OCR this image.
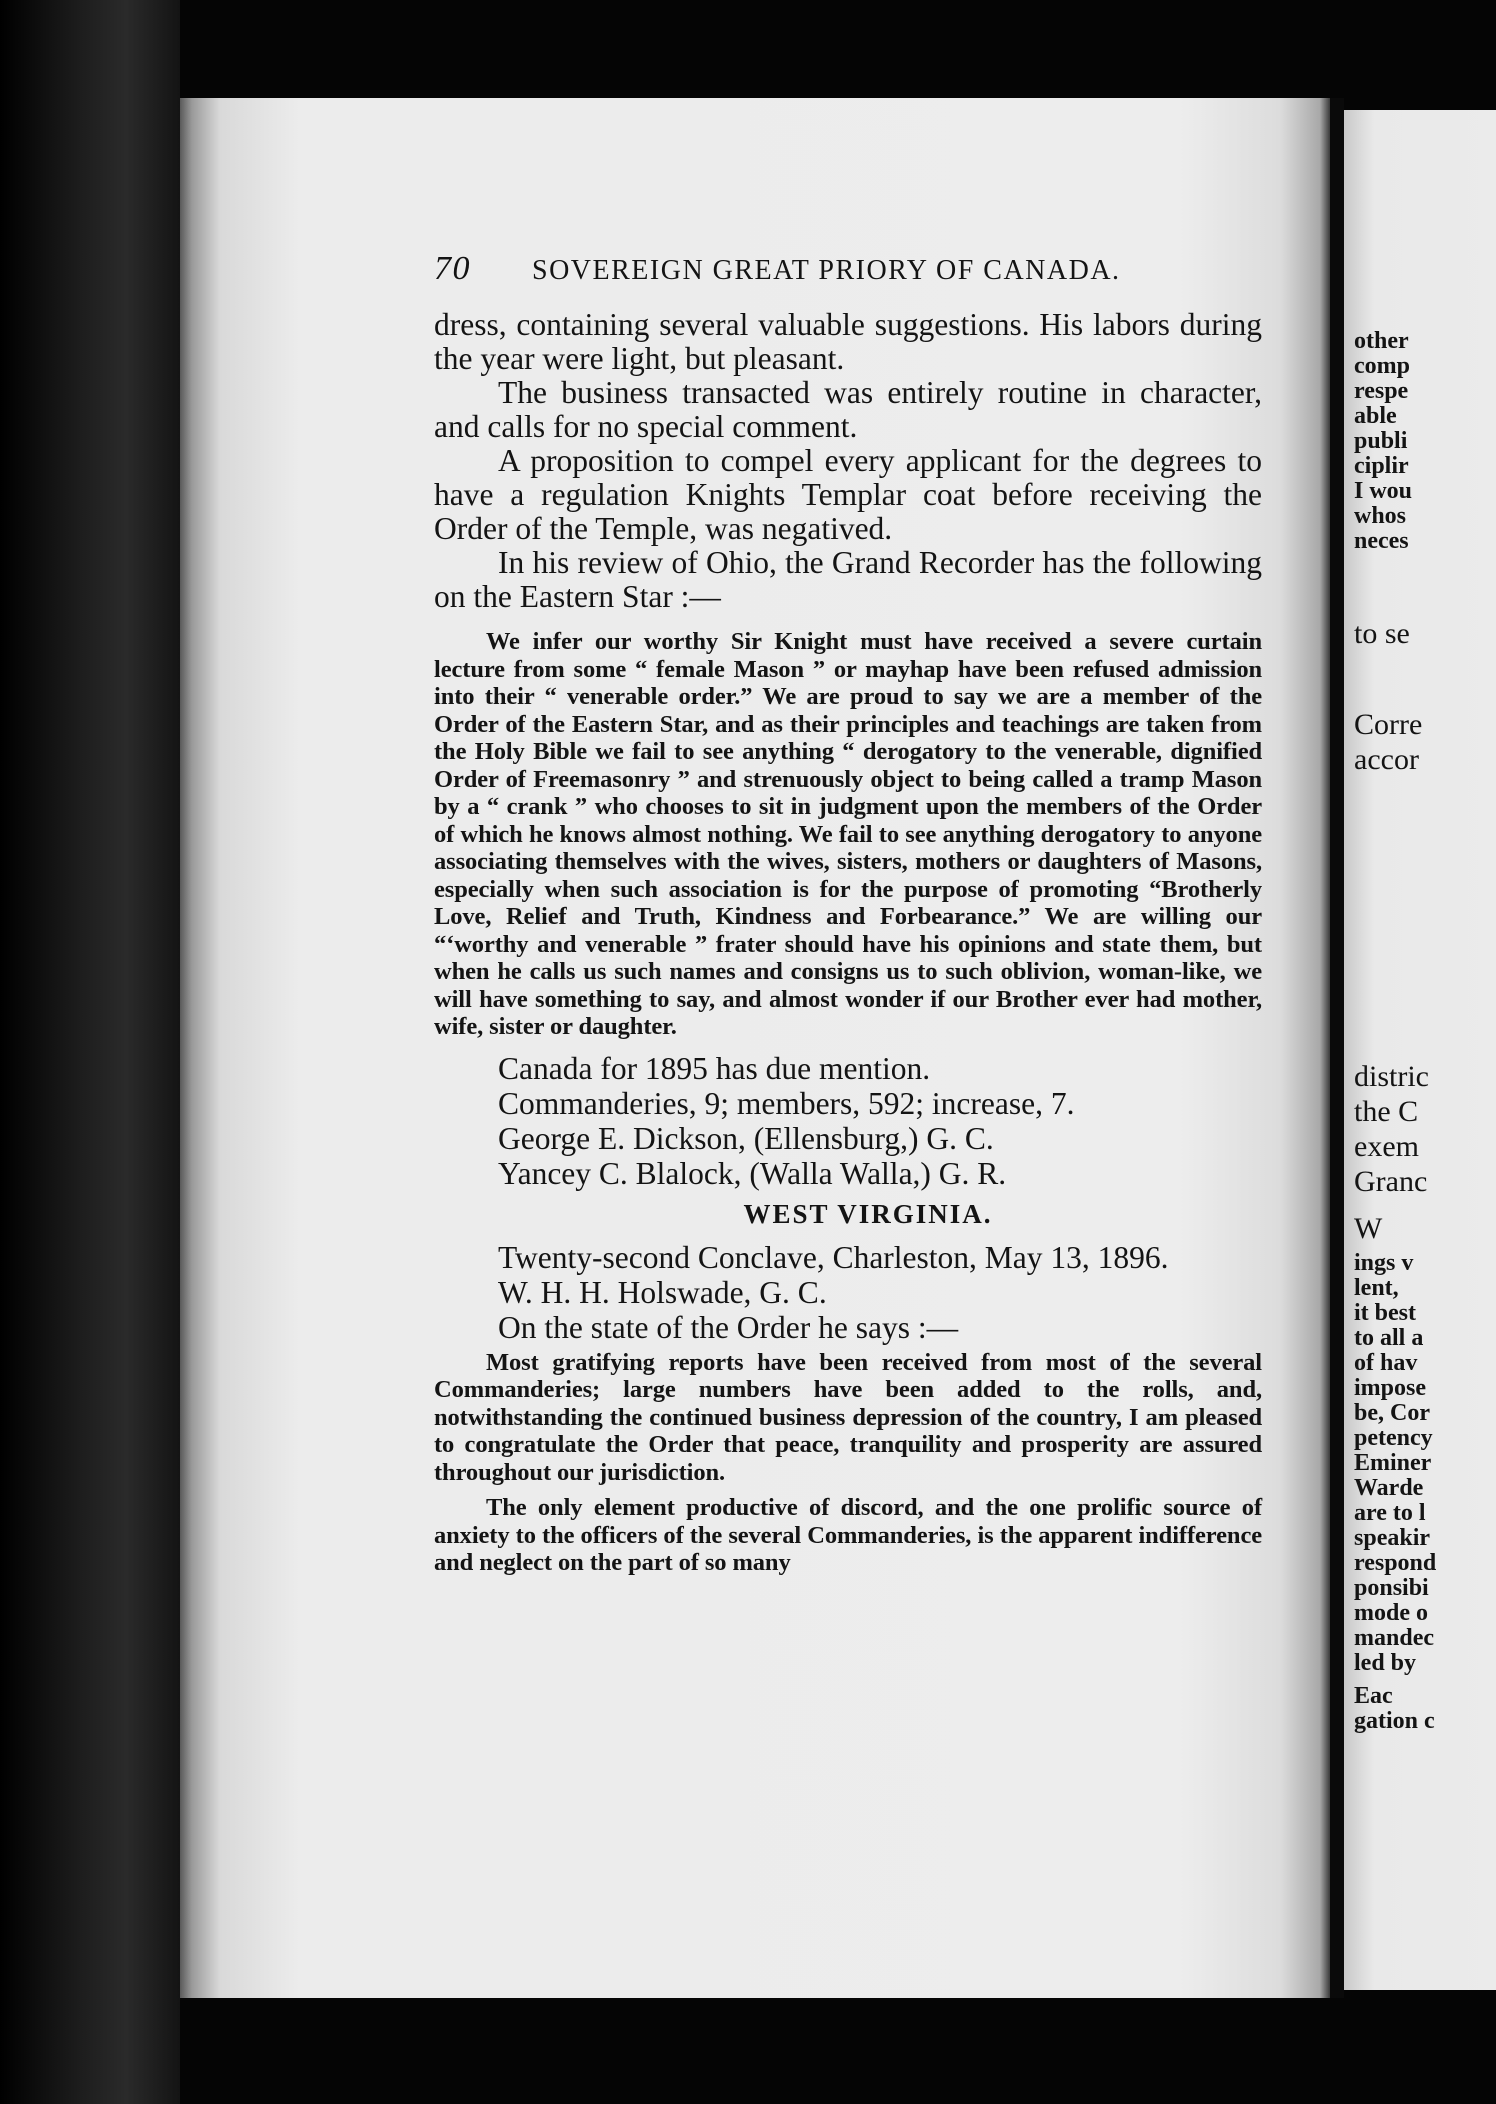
other
comp
respe
able
publi
ciplir
I wou
whos
neces
to se
Corre
accor
distric
the C
exem
Granc
W
ings v
lent,
it best
to all a
of hav
impose
be, Cor
petency
Eminer
Warde
are to l
speakir
respond
ponsibi
mode o
mandec
led by
Eac
gation c
70	SOVEREIGN GREAT PRIORY OF CANADA.

dress, containing several valuable suggestions. His labors during the year were light, but pleasant.

The business transacted was entirely routine in character, and calls for no special comment.

A proposition to compel every applicant for the degrees to have a regulation Knights Templar coat before receiving the Order of the Temple, was negatived.

In his review of Ohio, the Grand Recorder has the following on the Eastern Star :—

We infer our worthy Sir Knight must have received a severe curtain lecture from some “ female Mason ” or mayhap have been refused admission into their “ venerable order.” We are proud to say we are a member of the Order of the Eastern Star, and as their principles and teachings are taken from the Holy Bible we fail to see anything “ derogatory to the venerable, dignified Order of Freemasonry ” and strenuously object to being called a tramp Mason by a “ crank ” who chooses to sit in judgment upon the members of the Order of which he knows almost nothing. We fail to see anything derogatory to anyone associating themselves with the wives, sisters, mothers or daughters of Masons, especially when such association is for the purpose of promoting “Brotherly Love, Relief and Truth, Kindness and Forbearance.” We are willing our “‘worthy and venerable ” frater should have his opinions and state them, but when he calls us such names and consigns us to such oblivion, woman-like, we will have something to say, and almost wonder if our Brother ever had mother, wife, sister or daughter.

Canada for 1895 has due mention.

Commanderies, 9; members, 592; increase, 7.

George E. Dickson, (Ellensburg,) G. C.

Yancey C. Blalock, (Walla Walla,) G. R.

WEST VIRGINIA.

Twenty-second Conclave, Charleston, May 13, 1896.

W. H. H. Holswade, G. C.

On the state of the Order he says :—

Most gratifying reports have been received from most of the several Commanderies; large numbers have been added to the rolls, and, notwithstanding the continued business depression of the country, I am pleased to congratulate the Order that peace, tranquility and prosperity are assured throughout our jurisdiction.

The only element productive of discord, and the one prolific source of anxiety to the officers of the several Commanderies, is the apparent indifference and neglect on the part of so many
